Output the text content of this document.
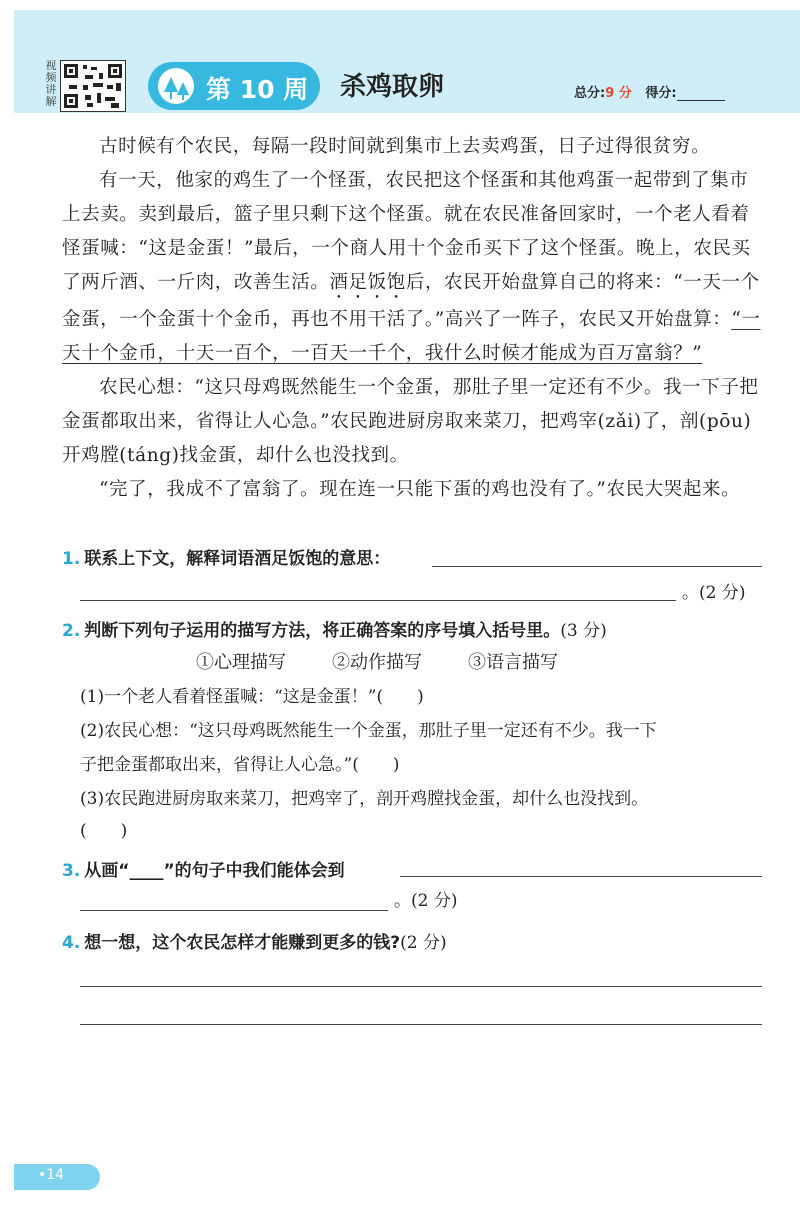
视频讲解	第 10 周 杀鸡取卵	总分:9 分 得分:

古时候有个农民，每隔一段时间就到集市上去卖鸡蛋，日子过得很贫穷。

有一天，他家的鸡生了一个怪蛋，农民把这个怪蛋和其他鸡蛋一起带到了集市上去卖。卖到最后，篮子里只剩下这个怪蛋。就在农民准备回家时，一个老人看着怪蛋喊：“这是金蛋！”最后，一个商人用十个金币买下了这个怪蛋。晚上，农民买了两斤酒、一斤肉，改善生活。酒足饭饱后，农民开始盘算自己的将来：“一天一个金蛋，一个金蛋十个金币，再也不用干活了。”高兴了一阵子，农民又开始盘算：“一天十个金币，十天一百个，一百天一千个，我什么时候才能成为百万富翁？”

农民心想：“这只母鸡既然能生一个金蛋，那肚子里一定还有不少。我一下子把金蛋都取出来，省得让人心急。”农民跑进厨房取来菜刀，把鸡宰(zǎi)了，剖(pōu)开鸡膛(táng)找金蛋，却什么也没找到。

“完了，我成不了富翁了。现在连一只能下蛋的鸡也没有了。”农民大哭起来。

1. 联系上下文，解释词语酒足饭饱的意思：
。(2 分)
2. 判断下列句子运用的描写方法，将正确答案的序号填入括号里。(3 分)
①心理描写	②动作描写	③语言描写
(1)一个老人看着怪蛋喊：“这是金蛋！”(　　)
(2)农民心想：“这只母鸡既然能生一个金蛋，那肚子里一定还有不少。我一下
子把金蛋都取出来，省得让人心急。”(　　)
(3)农民跑进厨房取来菜刀，把鸡宰了，剖开鸡膛找金蛋，却什么也没找到。
(　　)
3. 从画“____”的句子中我们能体会到
。(2 分)
4. 想一想，这个农民怎样才能赚到更多的钱?(2 分)
•14
